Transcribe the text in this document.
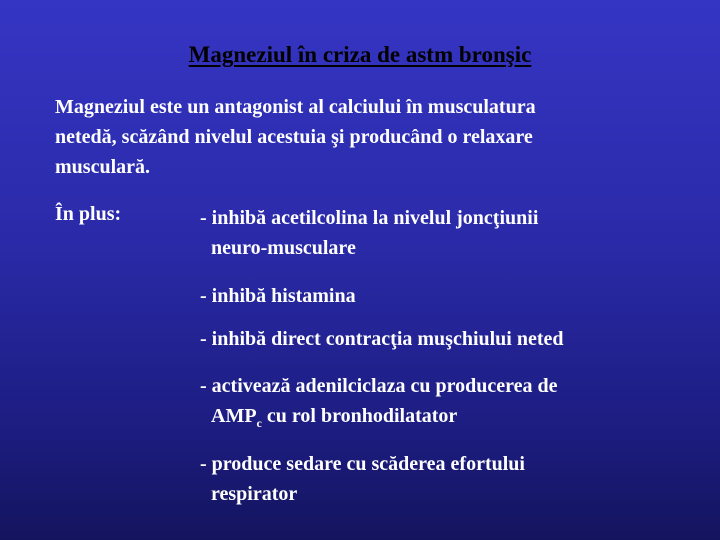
Magneziul în criza de astm bronşic
Magneziul este un antagonist al calciului în musculatura
netedă, scăzând nivelul acestuia şi producând o relaxare
musculară.
În plus:	- inhibă acetilcolina la nivelul joncţiunii
neuro-musculare
- inhibă histamina
- inhibă direct contracţia muşchiului neted
- activează adenilciclaza cu producerea de
$AMP_c$ cu rol bronhodilatator
- produce sedare cu scăderea efortului
respirator
